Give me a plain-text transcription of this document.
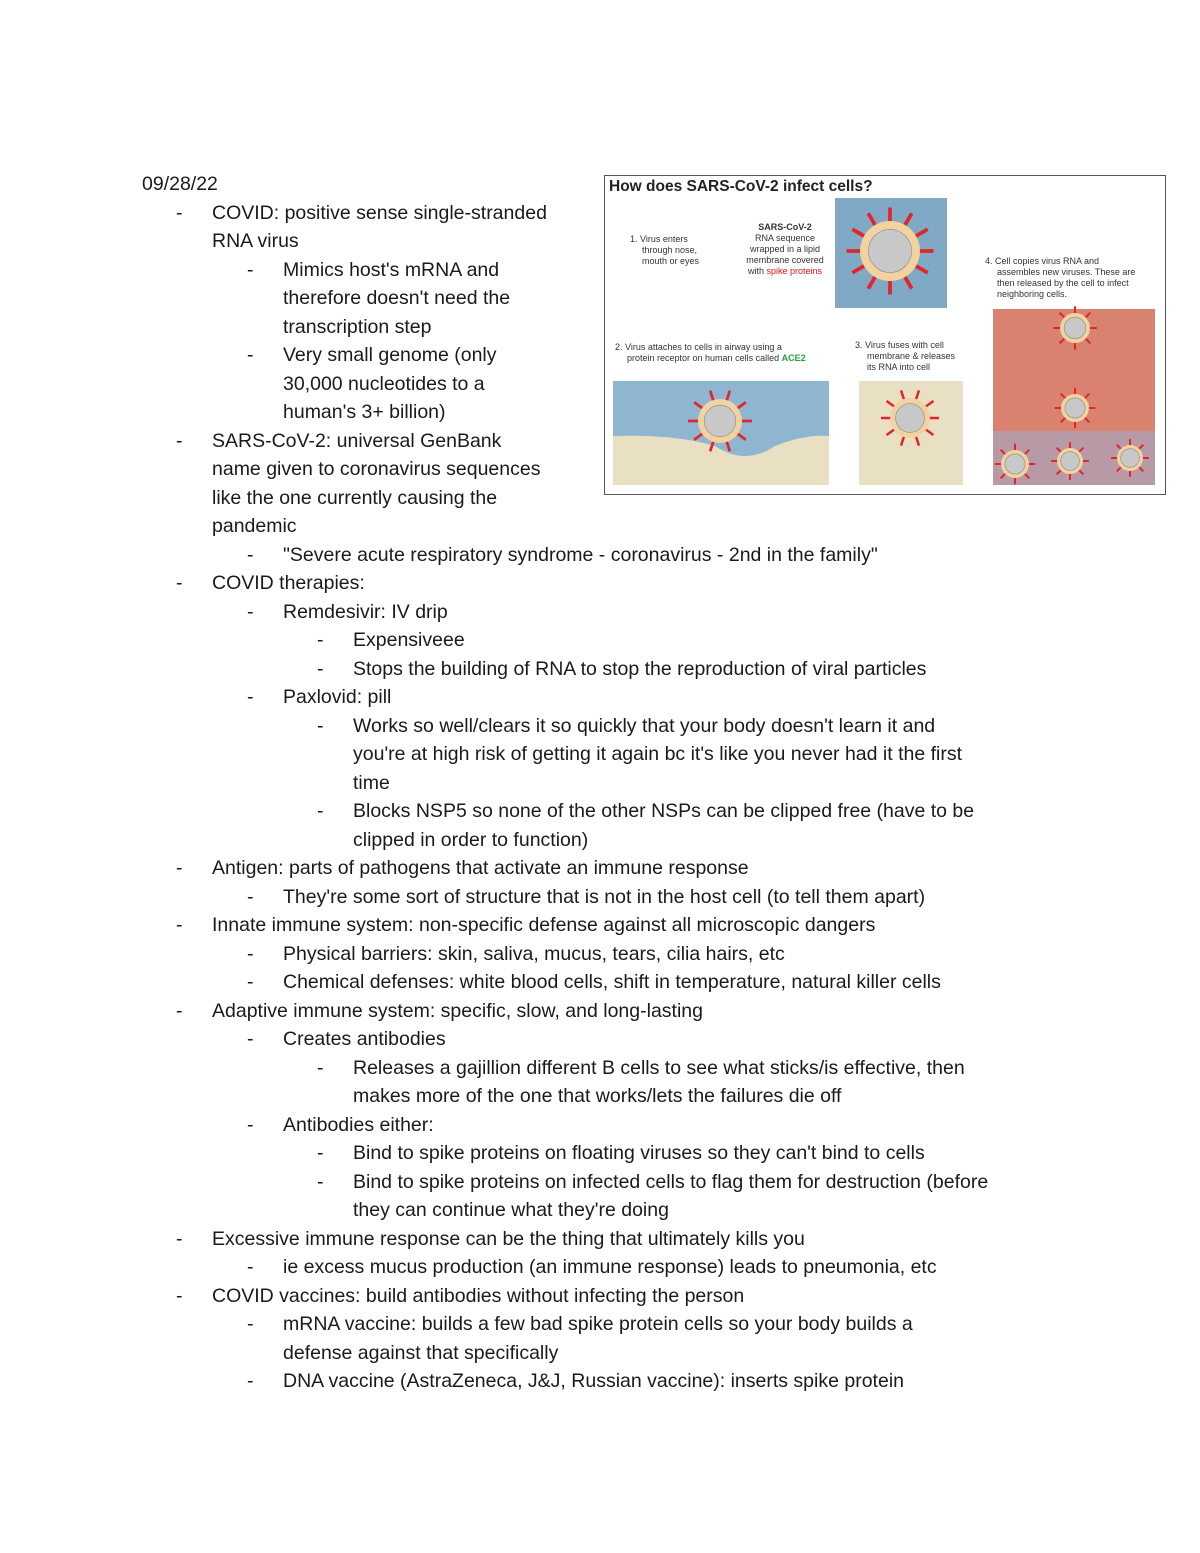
09/28/22
- COVID: positive sense single-stranded
RNA virus
- Mimics host's mRNA and
therefore doesn't need the
transcription step
- Very small genome (only
30,000 nucleotides to a
human's 3+ billion)
- SARS-CoV-2: universal GenBank
name given to coronavirus sequences
like the one currently causing the
pandemic
- "Severe acute respiratory syndrome - coronavirus - 2nd in the family"
- COVID therapies:
- Remdesivir: IV drip
- Expensiveee
- Stops the building of RNA to stop the reproduction of viral particles
- Paxlovid: pill
- Works so well/clears it so quickly that your body doesn't learn it and
you're at high risk of getting it again bc it's like you never had it the first
time
- Blocks NSP5 so none of the other NSPs can be clipped free (have to be
clipped in order to function)
- Antigen: parts of pathogens that activate an immune response
- They're some sort of structure that is not in the host cell (to tell them apart)
- Innate immune system: non-specific defense against all microscopic dangers
- Physical barriers: skin, saliva, mucus, tears, cilia hairs, etc
- Chemical defenses: white blood cells, shift in temperature, natural killer cells
- Adaptive immune system: specific, slow, and long-lasting
- Creates antibodies
- Releases a gajillion different B cells to see what sticks/is effective, then
makes more of the one that works/lets the failures die off
- Antibodies either:
- Bind to spike proteins on floating viruses so they can't bind to cells
- Bind to spike proteins on infected cells to flag them for destruction (before
they can continue what they're doing
- Excessive immune response can be the thing that ultimately kills you
- ie excess mucus production (an immune response) leads to pneumonia, etc
- COVID vaccines: build antibodies without infecting the person
- mRNA vaccine: builds a few bad spike protein cells so your body builds a
defense against that specifically
- DNA vaccine (AstraZeneca, J&J, Russian vaccine): inserts spike protein
How does SARS-CoV-2 infect cells?
1. Virus enters
through nose,
mouth or eyes
SARS-CoV-2
RNA sequence
wrapped in a lipid
membrane covered
with spike proteins
4. Cell copies virus RNA and
assembles new viruses. These are
then released by the cell to infect
neighboring cells.
2. Virus attaches to cells in airway using a
protein receptor on human cells called ACE2
3. Virus fuses with cell
membrane & releases
its RNA into cell
